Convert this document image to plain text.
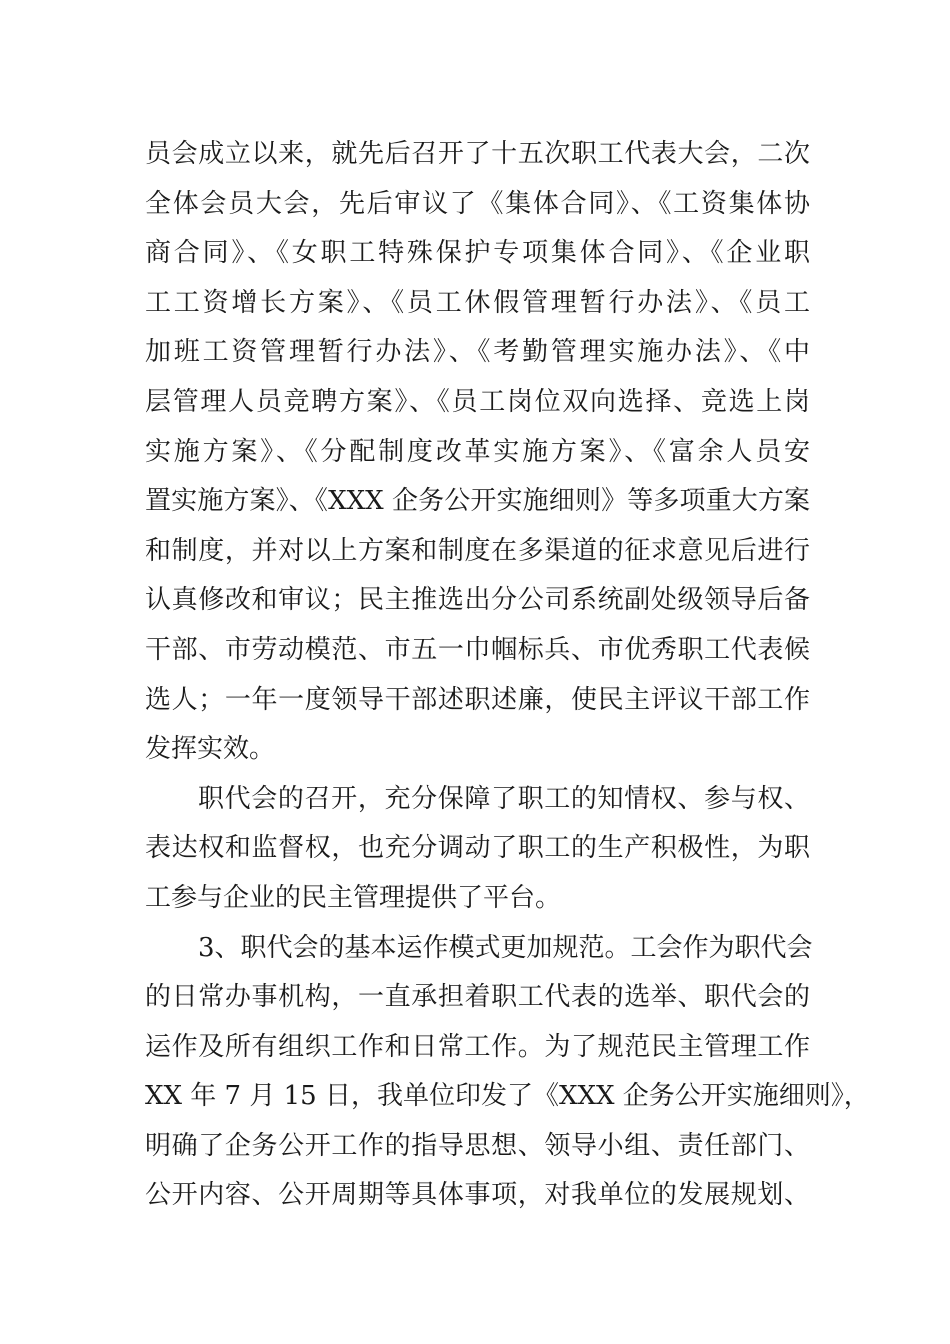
员会成立以来，就先后召开了十五次职工代表大会，二次
全体会员大会，先后审议了《集体合同》、《工资集体协
商合同》、《女职工特殊保护专项集体合同》、《企业职
工工资增长方案》、《员工休假管理暂行办法》、《员工
加班工资管理暂行办法》、《考勤管理实施办法》、《中
层管理人员竞聘方案》、《员工岗位双向选择、竞选上岗
实施方案》、《分配制度改革实施方案》、《富余人员安
置实施方案》、《XXX 企务公开实施细则》等多项重大方案
和制度，并对以上方案和制度在多渠道的征求意见后进行
认真修改和审议；民主推选出分公司系统副处级领导后备
干部、市劳动模范、市五一巾帼标兵、市优秀职工代表候
选人；一年一度领导干部述职述廉，使民主评议干部工作
发挥实效。
职代会的召开，充分保障了职工的知情权、参与权、
表达权和监督权，也充分调动了职工的生产积极性，为职
工参与企业的民主管理提供了平台。
3、职代会的基本运作模式更加规范。工会作为职代会
的日常办事机构，一直承担着职工代表的选举、职代会的
运作及所有组织工作和日常工作。为了规范民主管理工作
XX 年 7 月 15 日，我单位印发了《XXX 企务公开实施细则》，
明确了企务公开工作的指导思想、领导小组、责任部门、
公开内容、公开周期等具体事项，对我单位的发展规划、
